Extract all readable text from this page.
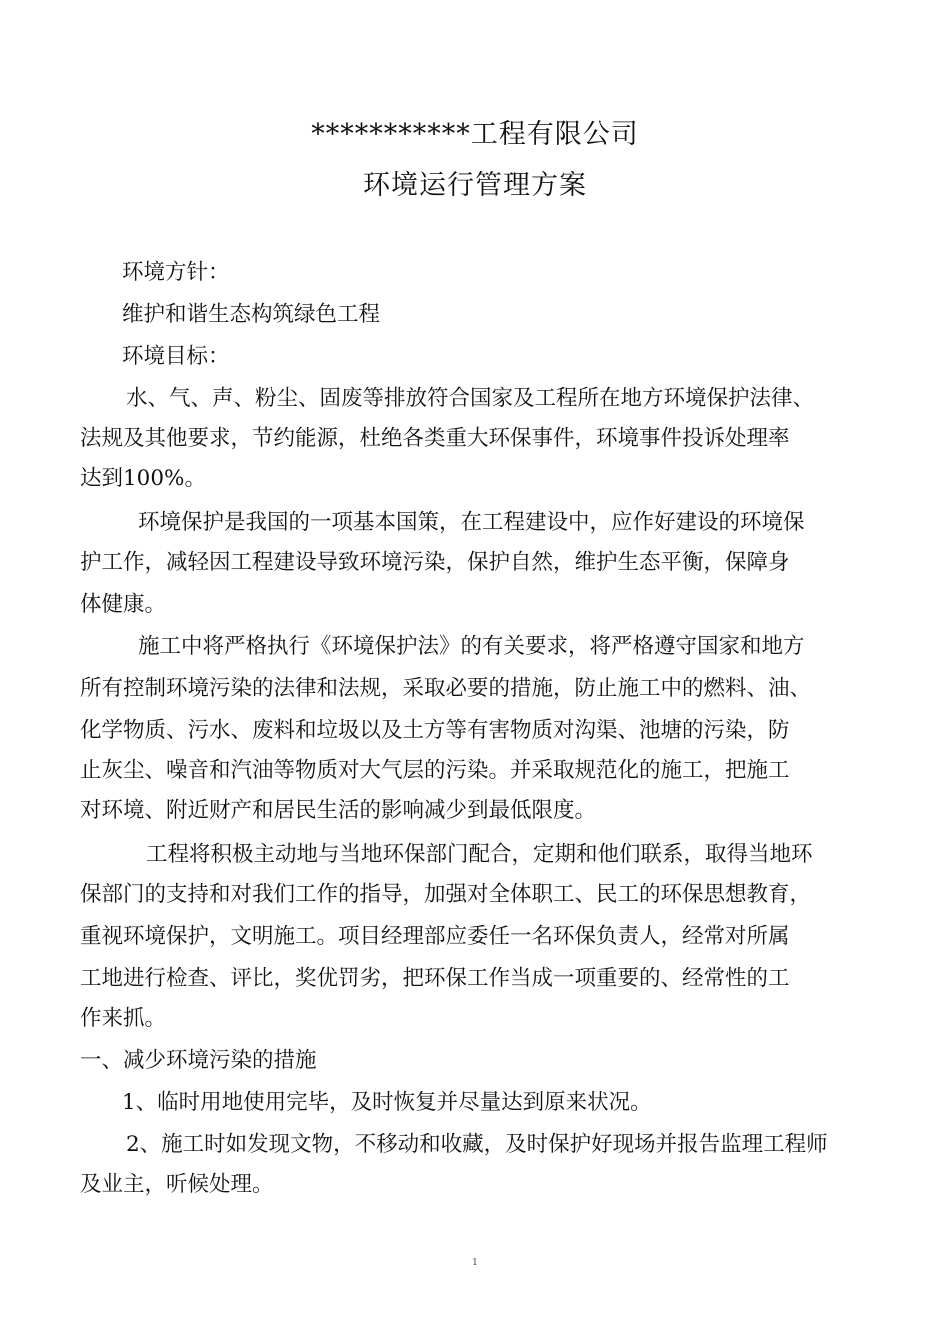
***********工程有限公司
环境运行管理方案
环境方针：
维护和谐生态构筑绿色工程
环境目标：
水、气、声、粉尘、固废等排放符合国家及工程所在地方环境保护法律、
法规及其他要求，节约能源，杜绝各类重大环保事件，环境事件投诉处理率
达到100%。
环境保护是我国的一项基本国策，在工程建设中，应作好建设的环境保
护工作，减轻因工程建设导致环境污染，保护自然，维护生态平衡，保障身
体健康。
施工中将严格执行《环境保护法》的有关要求，将严格遵守国家和地方
所有控制环境污染的法律和法规，采取必要的措施，防止施工中的燃料、油、
化学物质、污水、废料和垃圾以及土方等有害物质对沟渠、池塘的污染，防
止灰尘、噪音和汽油等物质对大气层的污染。并采取规范化的施工，把施工
对环境、附近财产和居民生活的影响减少到最低限度。
工程将积极主动地与当地环保部门配合，定期和他们联系，取得当地环
保部门的支持和对我们工作的指导，加强对全体职工、民工的环保思想教育，
重视环境保护，文明施工。项目经理部应委任一名环保负责人，经常对所属
工地进行检查、评比，奖优罚劣，把环保工作当成一项重要的、经常性的工
作来抓。
一、减少环境污染的措施
1、临时用地使用完毕，及时恢复并尽量达到原来状况。
2、施工时如发现文物，不移动和收藏，及时保护好现场并报告监理工程师
及业主，听候处理。
1
